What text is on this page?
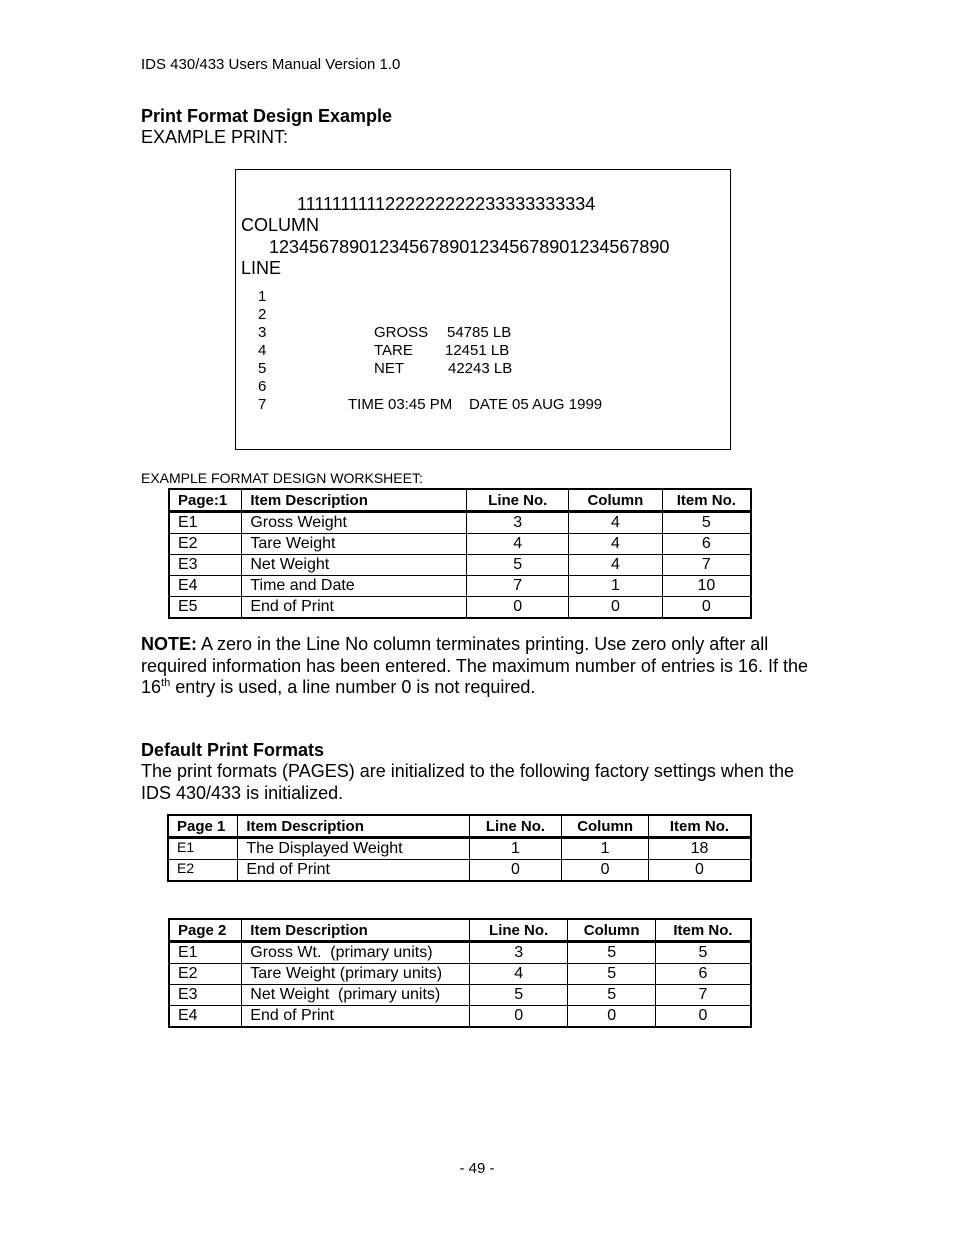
IDS 430/433 Users Manual Version 1.0
Print Format Design Example
EXAMPLE PRINT:
1111111111222222222233333333334
COLUMN
1234567890123456789012345678901234567890
LINE
1
2
3
4
5
6
7
GROSS 54785 LB
TARE 12451 LB
NET	42243 LB
TIME 03:45 PM DATE 05 AUG 1999
EXAMPLE FORMAT DESIGN WORKSHEET:
Page:1	Item Description	Line No.	Column	Item No.
E1	Gross Weight	3	4	5
E2	Tare Weight	4	4	6
E3	Net Weight	5	4	7
E4	Time and Date	7	1	10
E5	End of Print	0	0	0
NOTE: A zero in the Line No column terminates printing. Use zero only after all required information has been entered. The maximum number of entries is 16. If the 16th entry is used, a line number 0 is not required.
Default Print Formats
The print formats (PAGES) are initialized to the following factory settings when the IDS 430/433 is initialized.
Page 1	Item Description	Line No.	Column	Item No.
E1	The Displayed Weight	1	1	18
E2	End of Print	0	0	0
Page 2	Item Description	Line No.	Column	Item No.
E1	Gross Wt.  (primary units)	3	5	5
E2	Tare Weight (primary units)	4	5	6
E3	Net Weight  (primary units)	5	5	7
E4	End of Print	0	0	0
- 49 -
